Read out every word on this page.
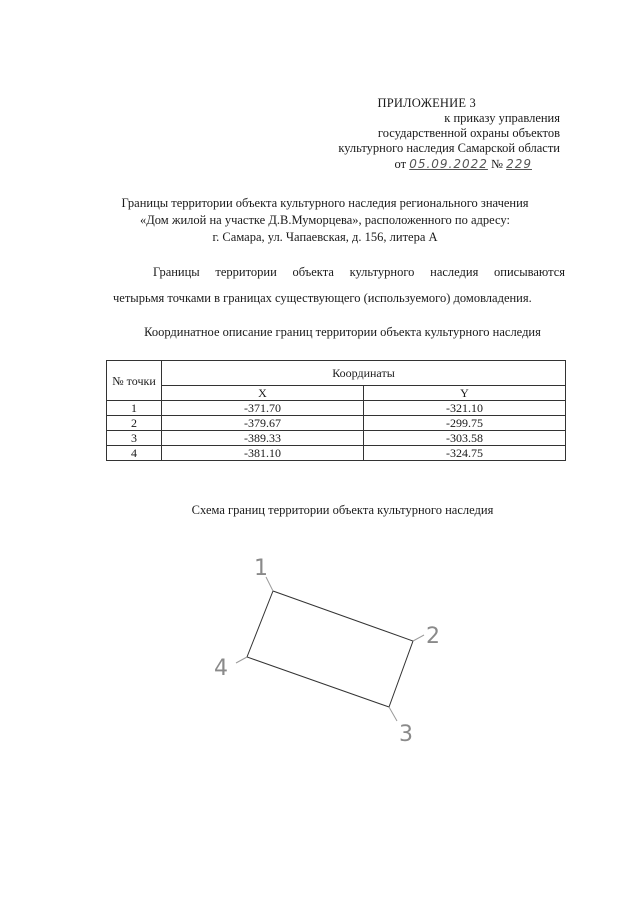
ПРИЛОЖЕНИЕ 3
к приказу управления
государственной охраны объектов
культурного наследия Самарской области
от 05.09.2022 № 229
Границы территории объекта культурного наследия регионального значения
«Дом жилой на участке Д.В.Муморцева», расположенного по адресу:
г. Самара, ул. Чапаевская, д. 156, литера А
Границы территории объекта культурного наследия описываются
четырьмя точками в границах существующего (используемого) домовладения.
Координатное описание границ территории объекта культурного наследия
№ точки	Координаты	
	X	Y
1	-371.70	-321.10
2	-379.67	-299.75
3	-389.33	-303.58
4	-381.10	-324.75
Схема границ территории объекта культурного наследия
1
2
3
4
